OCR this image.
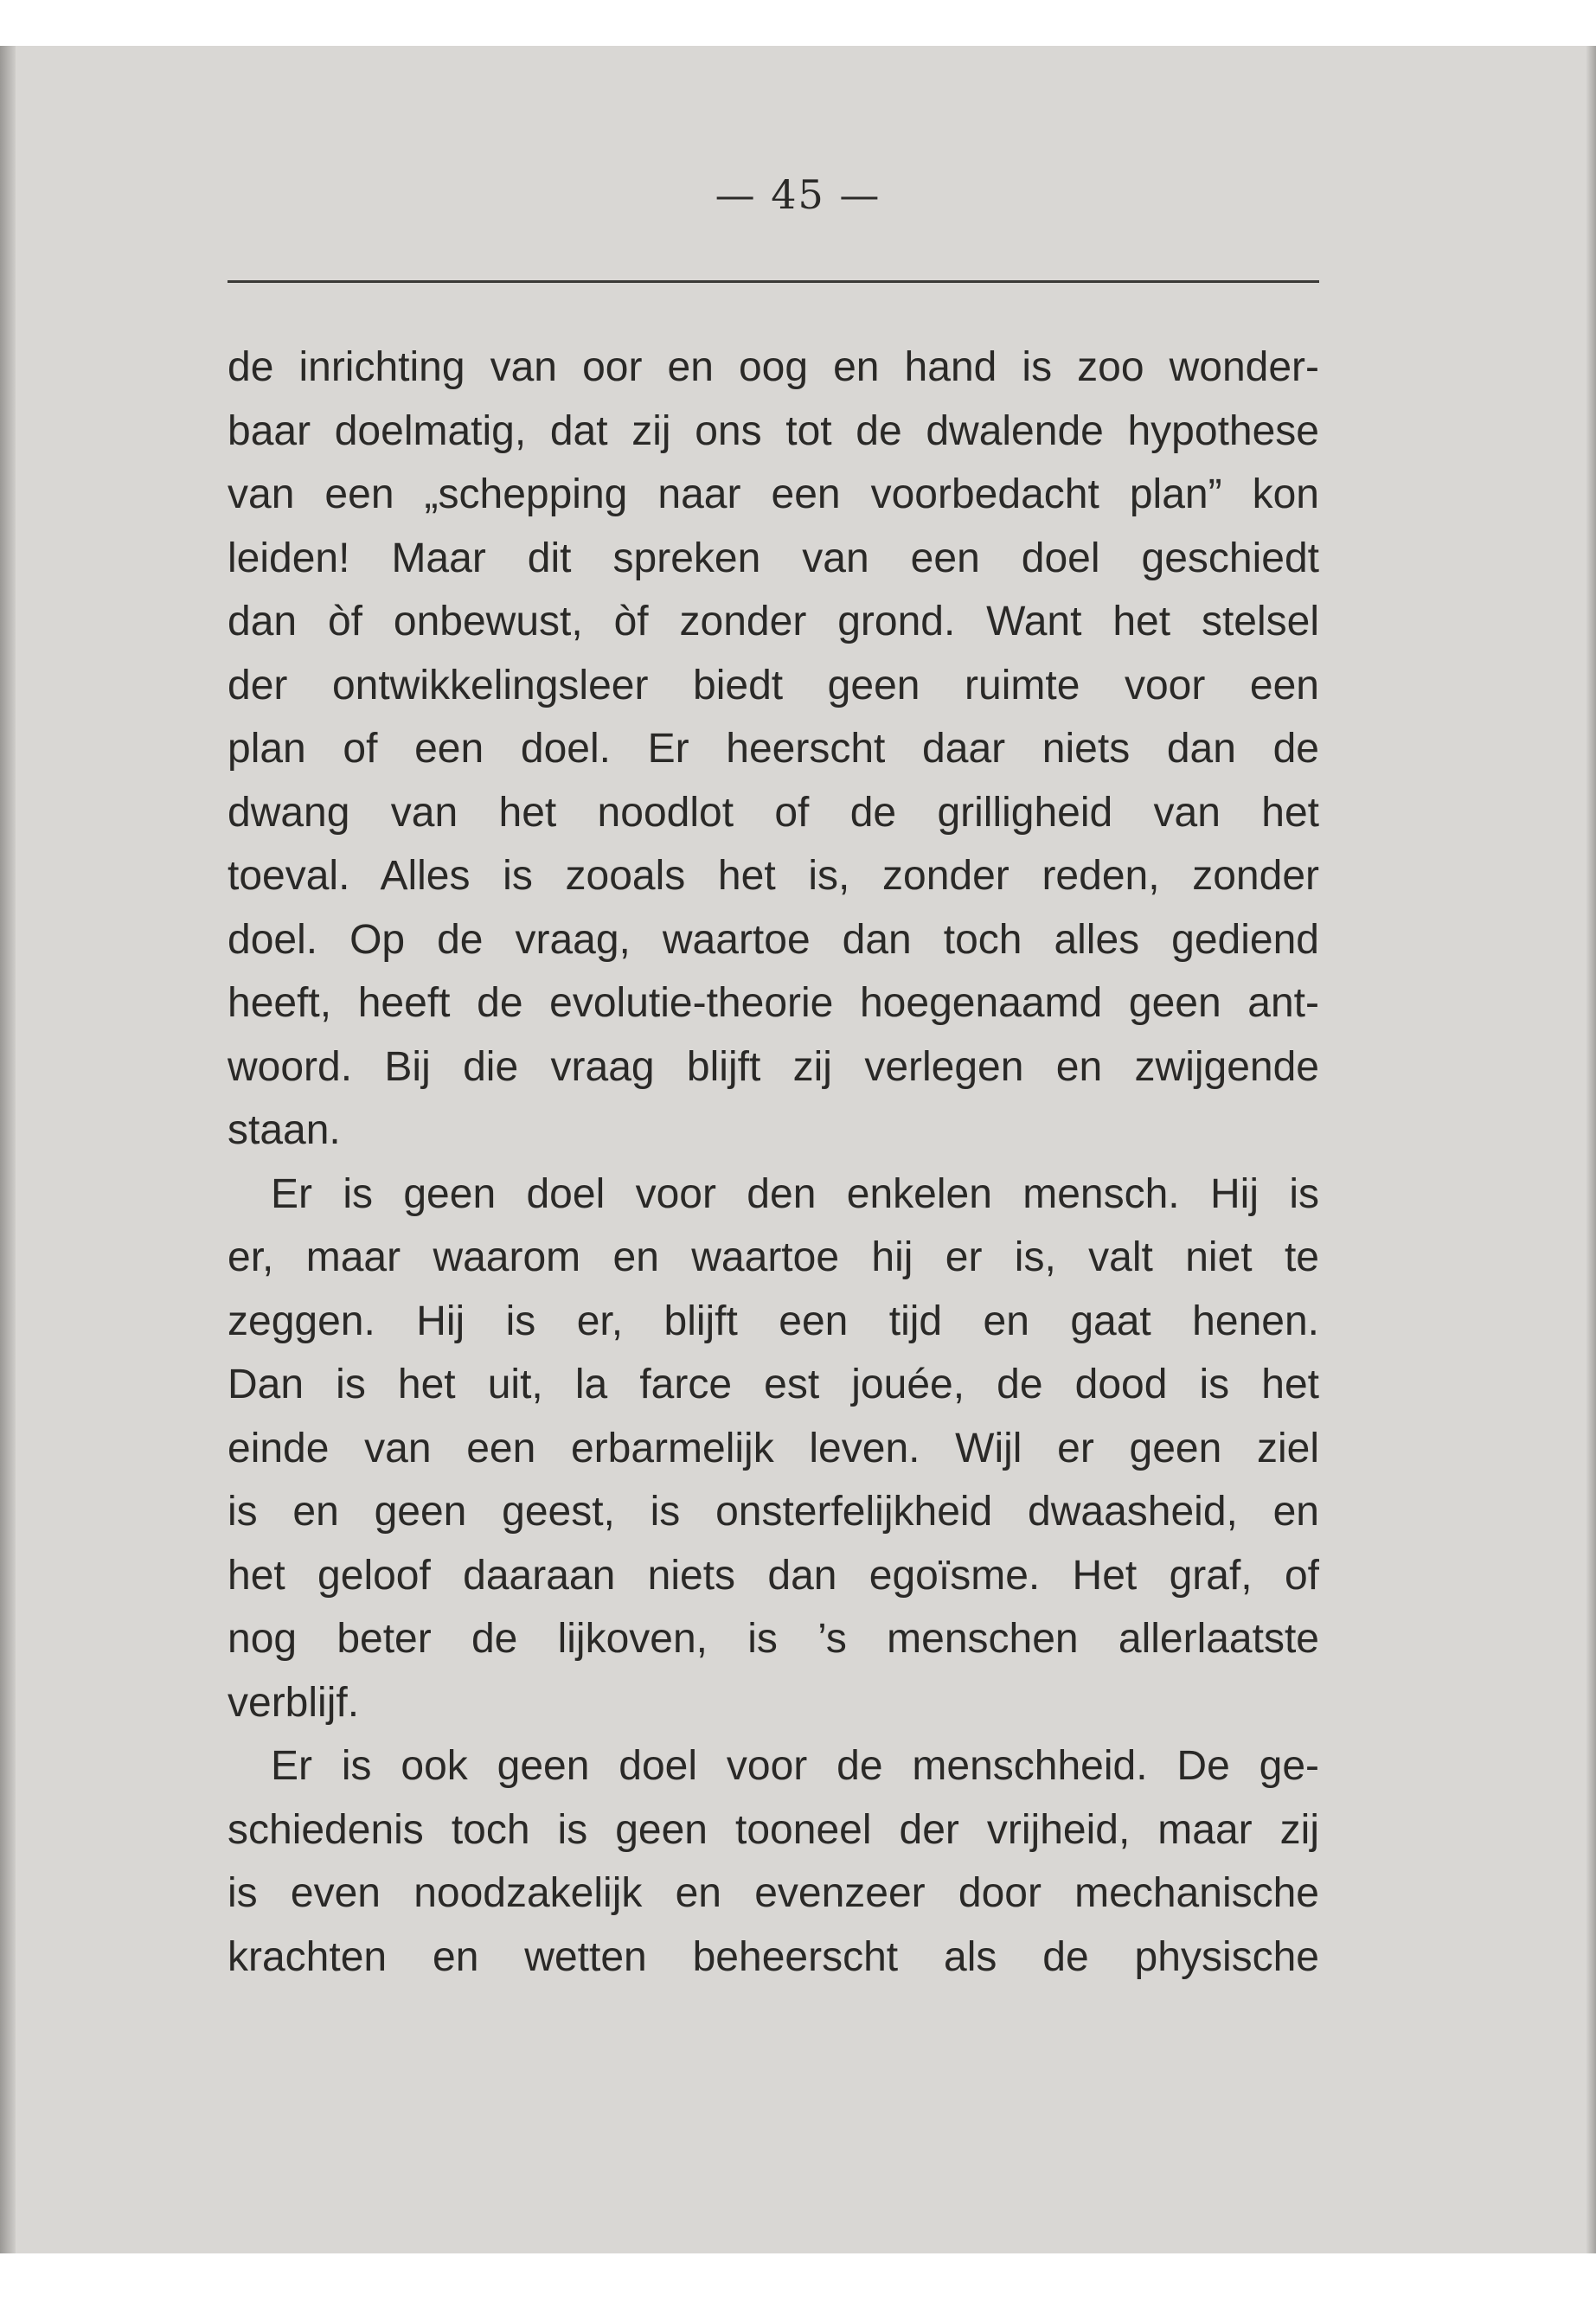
— 45 —
de inrichting van oor en oog en hand is zoo wonder-
baar doelmatig, dat zij ons tot de dwalende hypothese
van een „schepping naar een voorbedacht plan” kon
leiden! Maar dit spreken van een doel geschiedt
dan òf onbewust, òf zonder grond. Want het stelsel
der ontwikkelingsleer biedt geen ruimte voor een
plan of een doel. Er heerscht daar niets dan de
dwang van het noodlot of de grilligheid van het
toeval. Alles is zooals het is, zonder reden, zonder
doel. Op de vraag, waartoe dan toch alles gediend
heeft, heeft de evolutie-theorie hoegenaamd geen ant-
woord. Bij die vraag blijft zij verlegen en zwijgende
staan.
Er is geen doel voor den enkelen mensch. Hij is
er, maar waarom en waartoe hij er is, valt niet te
zeggen. Hij is er, blijft een tijd en gaat henen.
Dan is het uit, la farce est jouée, de dood is het
einde van een erbarmelijk leven. Wijl er geen ziel
is en geen geest, is onsterfelijkheid dwaasheid, en
het geloof daaraan niets dan egoïsme. Het graf, of
nog beter de lijkoven, is ’s menschen allerlaatste
verblijf.
Er is ook geen doel voor de menschheid. De ge-
schiedenis toch is geen tooneel der vrijheid, maar zij
is even noodzakelijk en evenzeer door mechanische
krachten en wetten beheerscht als de physische
